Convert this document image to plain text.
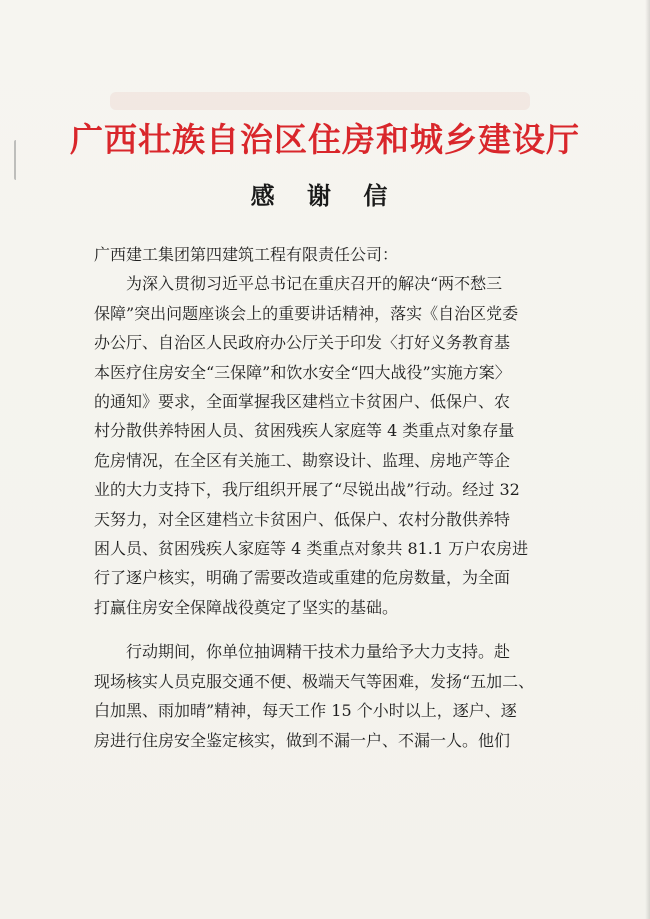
广西壮族自治区住房和城乡建设厅
感 谢 信
广西建工集团第四建筑工程有限责任公司：
为深入贯彻习近平总书记在重庆召开的解决“两不愁三
保障”突出问题座谈会上的重要讲话精神，落实《自治区党委
办公厅、自治区人民政府办公厅关于印发〈打好义务教育基
本医疗住房安全“三保障”和饮水安全“四大战役”实施方案〉
的通知》要求，全面掌握我区建档立卡贫困户、低保户、农
村分散供养特困人员、贫困残疾人家庭等 4 类重点对象存量
危房情况，在全区有关施工、勘察设计、监理、房地产等企
业的大力支持下，我厅组织开展了“尽锐出战”行动。经过 32
天努力，对全区建档立卡贫困户、低保户、农村分散供养特
困人员、贫困残疾人家庭等 4 类重点对象共 81.1 万户农房进
行了逐户核实，明确了需要改造或重建的危房数量，为全面
打赢住房安全保障战役奠定了坚实的基础。
行动期间，你单位抽调精干技术力量给予大力支持。赴
现场核实人员克服交通不便、极端天气等困难，发扬“五加二、
白加黑、雨加晴”精神，每天工作 15 个小时以上，逐户、逐
房进行住房安全鉴定核实，做到不漏一户、不漏一人。他们
